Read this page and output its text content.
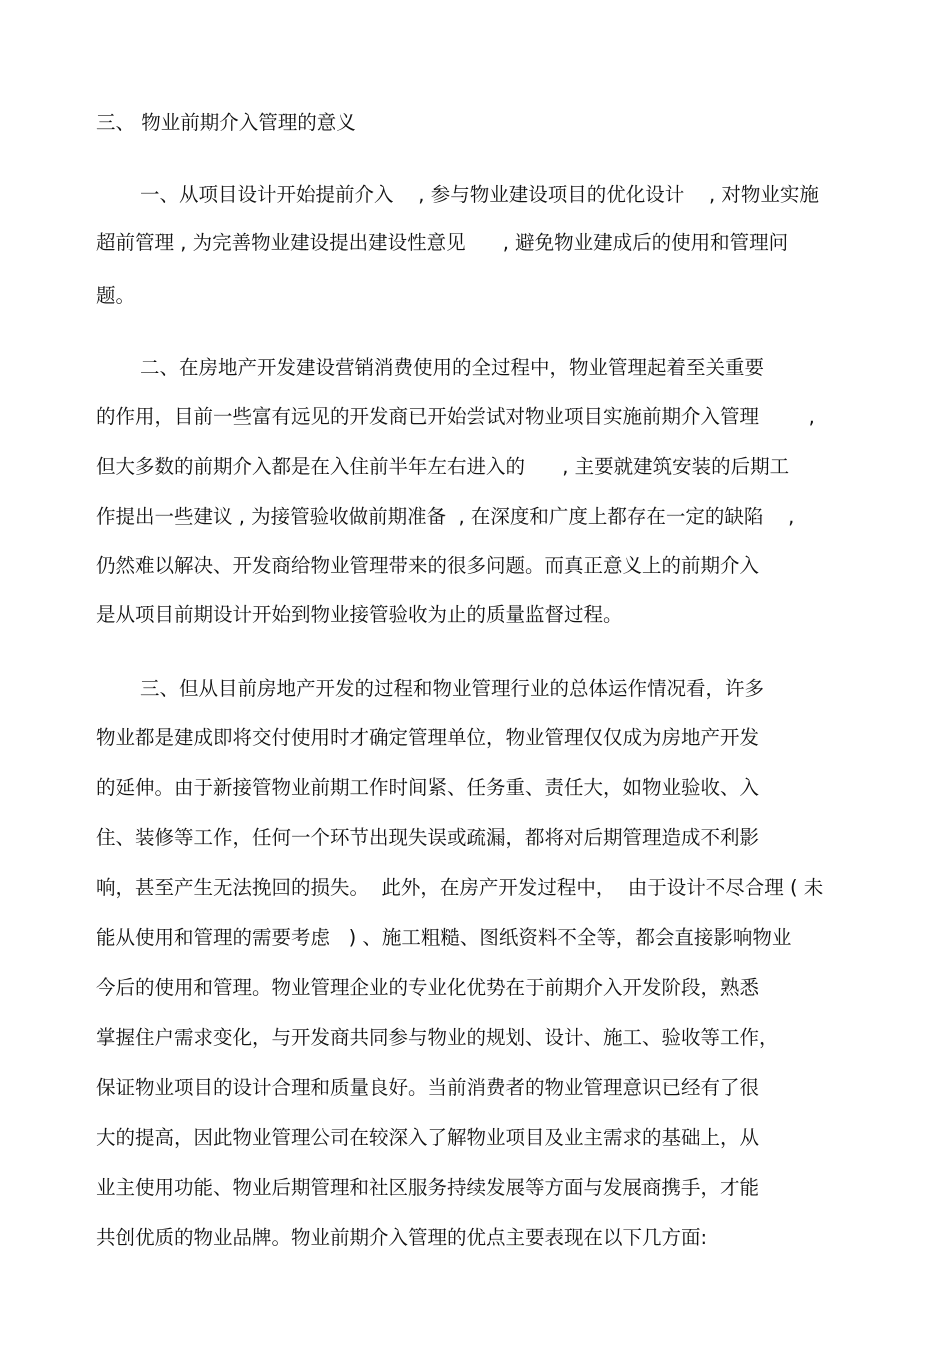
三、 物业前期介入管理的意义
一、从项目设计开始提前介入    , 参与物业建设项目的优化设计    , 对物业实施
超前管理 , 为完善物业建设提出建设性意见      , 避免物业建成后的使用和管理问
题。
二、在房地产开发建设营销消费使用的全过程中，物业管理起着至关重要
的作用，目前一些富有远见的开发商已开始尝试对物业项目实施前期介入管理        ,
但大多数的前期介入都是在入住前半年左右进入的      , 主要就建筑安装的后期工
作提出一些建议 , 为接管验收做前期准备  , 在深度和广度上都存在一定的缺陷    ,
仍然难以解决、开发商给物业管理带来的很多问题。而真正意义上的前期介入
是从项目前期设计开始到物业接管验收为止的质量监督过程。
三、但从目前房地产开发的过程和物业管理行业的总体运作情况看，许多
物业都是建成即将交付使用时才确定管理单位，物业管理仅仅成为房地产开发
的延伸。由于新接管物业前期工作时间紧、任务重、责任大，如物业验收、入
住、装修等工作，任何一个环节出现失误或疏漏，都将对后期管理造成不利影
响，甚至产生无法挽回的损失。  此外，在房产开发过程中，  由于设计不尽合理 ( 未
能从使用和管理的需要考虑   ) 、施工粗糙、图纸资料不全等，都会直接影响物业
今后的使用和管理。物业管理企业的专业化优势在于前期介入开发阶段，熟悉
掌握住户需求变化，与开发商共同参与物业的规划、设计、施工、验收等工作，
保证物业项目的设计合理和质量良好。当前消费者的物业管理意识已经有了很
大的提高，因此物业管理公司在较深入了解物业项目及业主需求的基础上，从
业主使用功能、物业后期管理和社区服务持续发展等方面与发展商携手，才能
共创优质的物业品牌。物业前期介入管理的优点主要表现在以下几方面:
